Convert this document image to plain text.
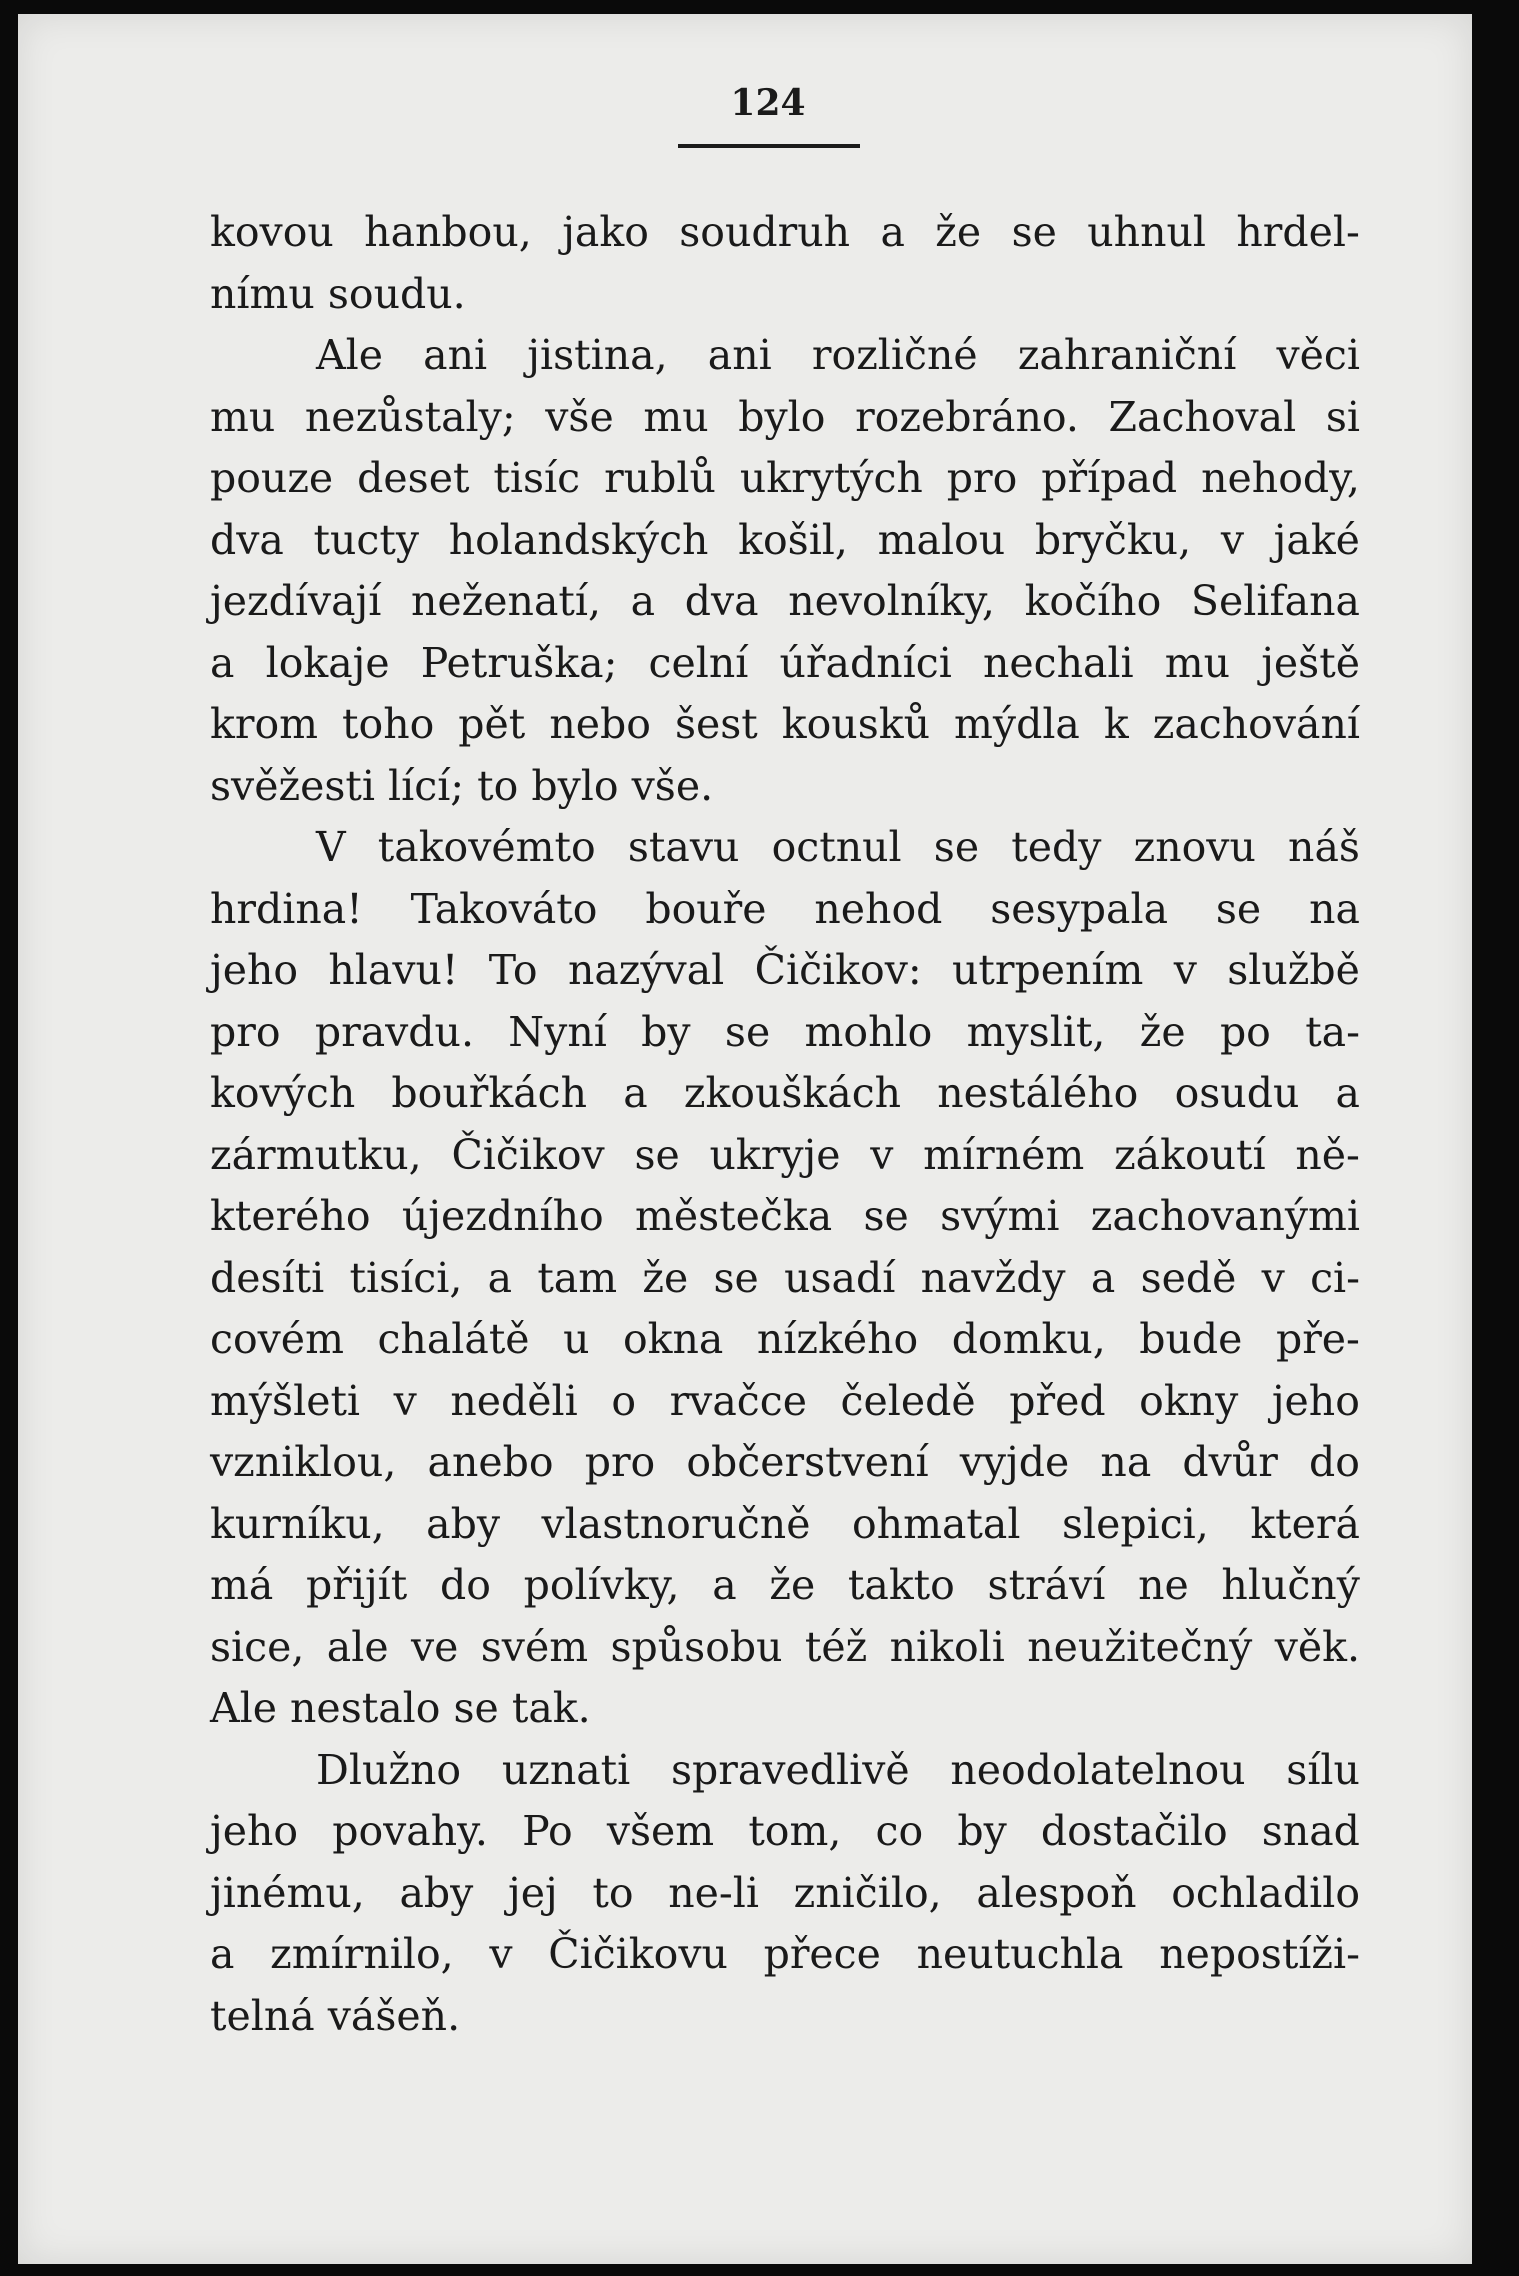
124
kovou hanbou, jako soudruh a že se uhnul hrdel-
nímu soudu.
Ale ani jistina, ani rozličné zahraniční věci
mu nezůstaly; vše mu bylo rozebráno. Zachoval si
pouze deset tisíc rublů ukrytých pro případ nehody,
dva tucty holandských košil, malou bryčku, v jaké
jezdívají neženatí, a dva nevolníky, kočího Selifana
a lokaje Petruška; celní úřadníci nechali mu ještě
krom toho pět nebo šest kousků mýdla k zachování
svěžesti lící; to bylo vše.
V takovémto stavu octnul se tedy znovu náš
hrdina! Takováto bouře nehod sesypala se na
jeho hlavu! To nazýval Čičikov: utrpením v službě
pro pravdu. Nyní by se mohlo myslit, že po ta-
kových bouřkách a zkouškách nestálého osudu a
zármutku, Čičikov se ukryje v mírném zákoutí ně-
kterého újezdního městečka se svými zachovanými
desíti tisíci, a tam že se usadí navždy a sedě v ci-
covém chalátě u okna nízkého domku, bude pře-
mýšleti v neděli o rvačce čeledě před okny jeho
vzniklou, anebo pro občerstvení vyjde na dvůr do
kurníku, aby vlastnoručně ohmatal slepici, která
má přijít do polívky, a že takto stráví ne hlučný
sice, ale ve svém spůsobu též nikoli neužitečný věk.
Ale nestalo se tak.
Dlužno uznati spravedlivě neodolatelnou sílu
jeho povahy. Po všem tom, co by dostačilo snad
jinému, aby jej to ne-li zničilo, alespoň ochladilo
a zmírnilo, v Čičikovu přece neutuchla nepostíži-
telná vášeň.
